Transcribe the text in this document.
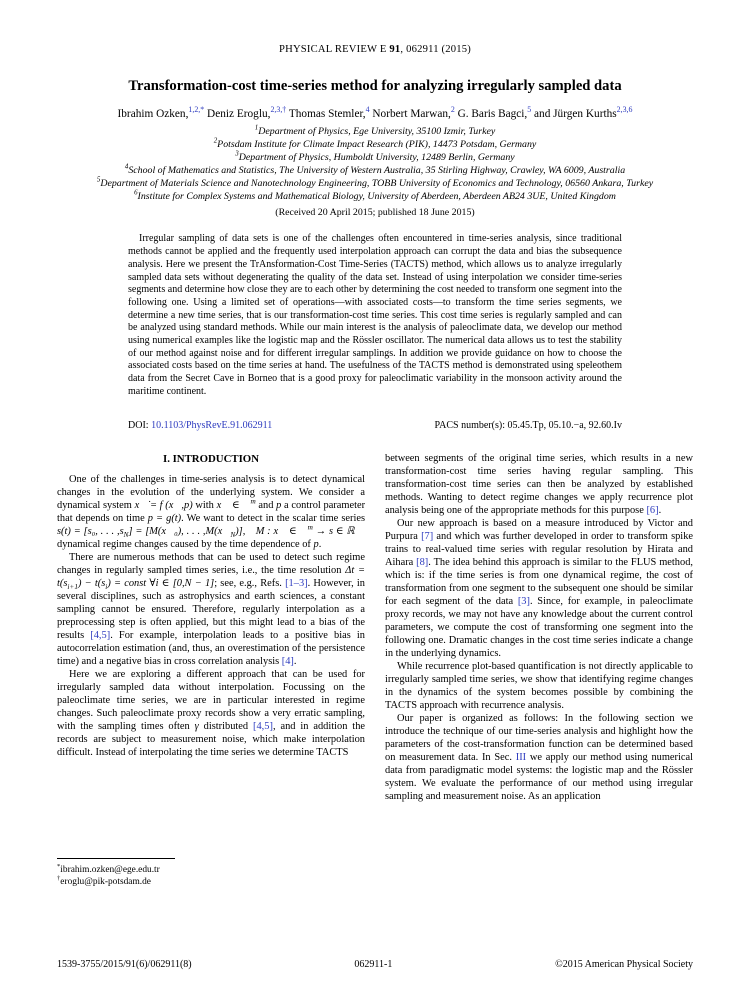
PHYSICAL REVIEW E 91, 062911 (2015)
Transformation-cost time-series method for analyzing irregularly sampled data
Ibrahim Ozken,$^{1,2,*}$ Deniz Eroglu,$^{2,3,\dagger}$ Thomas Stemler,$^4$ Norbert Marwan,$^2$ G. Baris Bagci,$^5$ and Jürgen Kurths$^{2,3,6}$
$^1$Department of Physics, Ege University, 35100 Izmir, Turkey
$^2$Potsdam Institute for Climate Impact Research (PIK), 14473 Potsdam, Germany
$^3$Department of Physics, Humboldt University, 12489 Berlin, Germany
$^4$School of Mathematics and Statistics, The University of Western Australia, 35 Stirling Highway, Crawley, WA 6009, Australia
$^5$Department of Materials Science and Nanotechnology Engineering, TOBB University of Economics and Technology, 06560 Ankara, Turkey
$^6$Institute for Complex Systems and Mathematical Biology, University of Aberdeen, Aberdeen AB24 3UE, United Kingdom
(Received 20 April 2015; published 18 June 2015)

Irregular sampling of data sets is one of the challenges often encountered in time-series analysis, since traditional methods cannot be applied and the frequently used interpolation approach can corrupt the data and bias the subsequence analysis. Here we present the TrAnsformation-Cost Time-Series (TACTS) method, which allows us to analyze irregularly sampled data sets without degenerating the quality of the data set. Instead of using interpolation we consider time-series segments and determine how close they are to each other by determining the cost needed to transform one segment into the following one. Using a limited set of operations—with associated costs—to transform the time series segments, we determine a new time series, that is our transformation-cost time series. This cost time series is regularly sampled and can be analyzed using standard methods. While our main interest is the analysis of paleoclimate data, we develop our method using numerical examples like the logistic map and the Rössler oscillator. The numerical data allows us to test the stability of our method against noise and for different irregular samplings. In addition we provide guidance on how to choose the associated costs based on the time series at hand. The usefulness of the TACTS method is demonstrated using speleothem data from the Secret Cave in Borneo that is a good proxy for paleoclimatic variability in the monsoon activity around the maritime continent.

DOI: 10.1103/PhysRevE.91.062911	PACS number(s): 05.45.Tp, 05.10.−a, 92.60.Iv
I. INTRODUCTION

One of the challenges in time-series analysis is to detect dynamical changes in the evolution of the underlying system. We consider a dynamical system x⃗̇ = f (x⃗,p) with x⃗ ∈ ℝ$^m$ and p a control parameter that depends on time p = g(t). We want to detect in the scalar time series s(t) = [s₀, . . . $,s_N$] = [M(x⃗₀), . . . $,M(x⃗_N)$],   M : x⃗ ∈ ℝ$^m$ → s ∈ ℝ  dynamical regime changes caused by the time dependence of p.

There are numerous methods that can be used to detect such regime changes in regularly sampled times series, i.e., the time resolution $\Delta t = t(s_{i+1}) - t(s_i)$ = const ∀i ∈ [0,N − 1]; see, e.g., Refs. [1–3]. However, in several disciplines, such as astrophysics and earth sciences, a constant sampling cannot be ensured. Therefore, regularly interpolation as a preprocessing step is often applied, but this might lead to a bias of the results [4,5]. For example, interpolation leads to a positive bias in autocorrelation estimation (and, thus, an overestimation of the persistence time) and a negative bias in cross correlation analysis [4].

Here we are exploring a different approach that can be used for irregularly sampled data without interpolation. Focussing on the paleoclimate time series, we are in particular interested in regime changes. Such paleoclimate proxy records show a very erratic sampling, with the sampling times often γ distributed [4,5], and in addition the records are subject to measurement noise, which make interpolation difficult. Instead of interpolating the time series we determine TACTS

*ibrahim.ozken@ege.edu.tr
†eroglu@pik-potsdam.de

between segments of the original time series, which results in a new transformation-cost time series having regular sampling. This transformation-cost time series can then be analyzed by established methods. Wanting to detect regime changes we apply recurrence plot analysis being one of the appropriate methods for this purpose [6].

Our new approach is based on a measure introduced by Victor and Purpura [7] and which was further developed in order to transform spike trains to real-valued time series with regular resolution by Hirata and Aihara [8]. The idea behind this approach is similar to the FLUS method, which is: if the time series is from one dynamical regime, the cost of transformation from one segment to the subsequent one should be similar for each segment of the data [3]. Since, for example, in paleoclimate proxy records, we may not have any knowledge about the current control parameters, we compute the cost of transforming one segment into the following one. Dramatic changes in the cost time series indicate a change in the underlying dynamics.

While recurrence plot-based quantification is not directly applicable to irregularly sampled time series, we show that identifying regime changes in the dynamics of the system becomes possible by combining the TACTS approach with recurrence analysis.

Our paper is organized as follows: In the following section we introduce the technique of our time-series analysis and highlight how the parameters of the cost-transformation function can be determined based on measurement data. In Sec. III we apply our method using numerical data from paradigmatic model systems: the logistic map and the Rössler system. We evaluate the performance of our method using irregular sampling and measurement noise. As an application

1539-3755/2015/91(6)/062911(8)	062911-1	©2015 American Physical Society
